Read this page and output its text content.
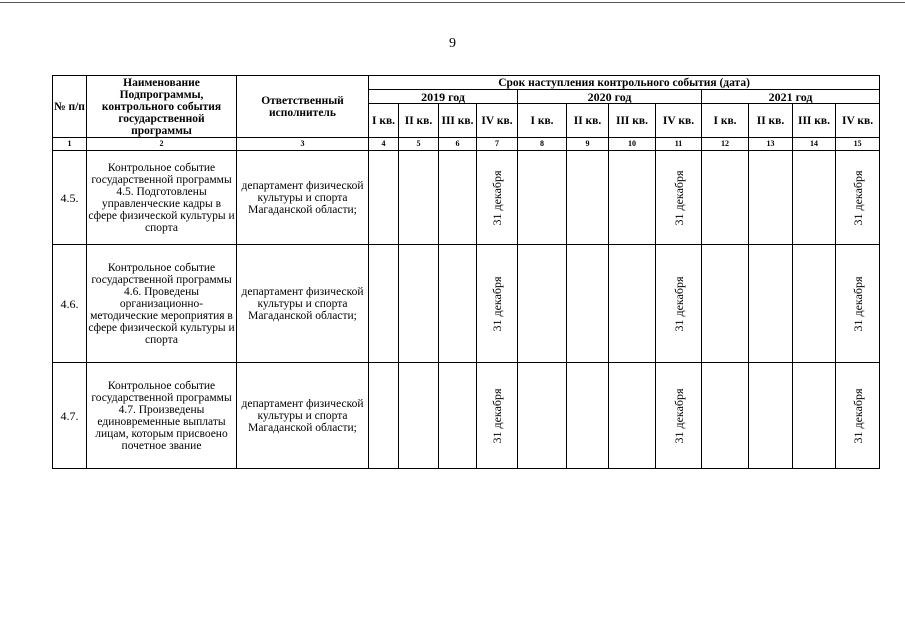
9
№ п/п	Наименование Подпрограммы, контрольного события государственной программы	Ответственный исполнитель	Срок наступления контрольного события (дата)											
			2019 год				2020 год				2021 год			
			I кв.	II кв.	III кв.	IV кв.	I кв.	II кв.	III кв.	IV кв.	I кв.	II кв.	III кв.	IV кв.
1	2	3	4	5	6	7	8	9	10	11	12	13	14	15
4.5.	Контрольное событие государственной программы 4.5. Подготовлены управленческие кадры в сфере физической культуры и спорта	департамент физической культуры и спорта Магаданской области;				31 декабря				31 декабря				31 декабря

4.6.	Контрольное событие государственной программы 4.6. Проведены организационно-методические мероприятия в сфере физической культуры и спорта	департамент физической культуры и спорта Магаданской области;				31 декабря				31 декабря				31 декабря

4.7.	Контрольное событие государственной программы 4.7. Произведены единовременные выплаты лицам, которым присвоено почетное звание	департамент физической культуры и спорта Магаданской области;				31 декабря				31 декабря				31 декабря
